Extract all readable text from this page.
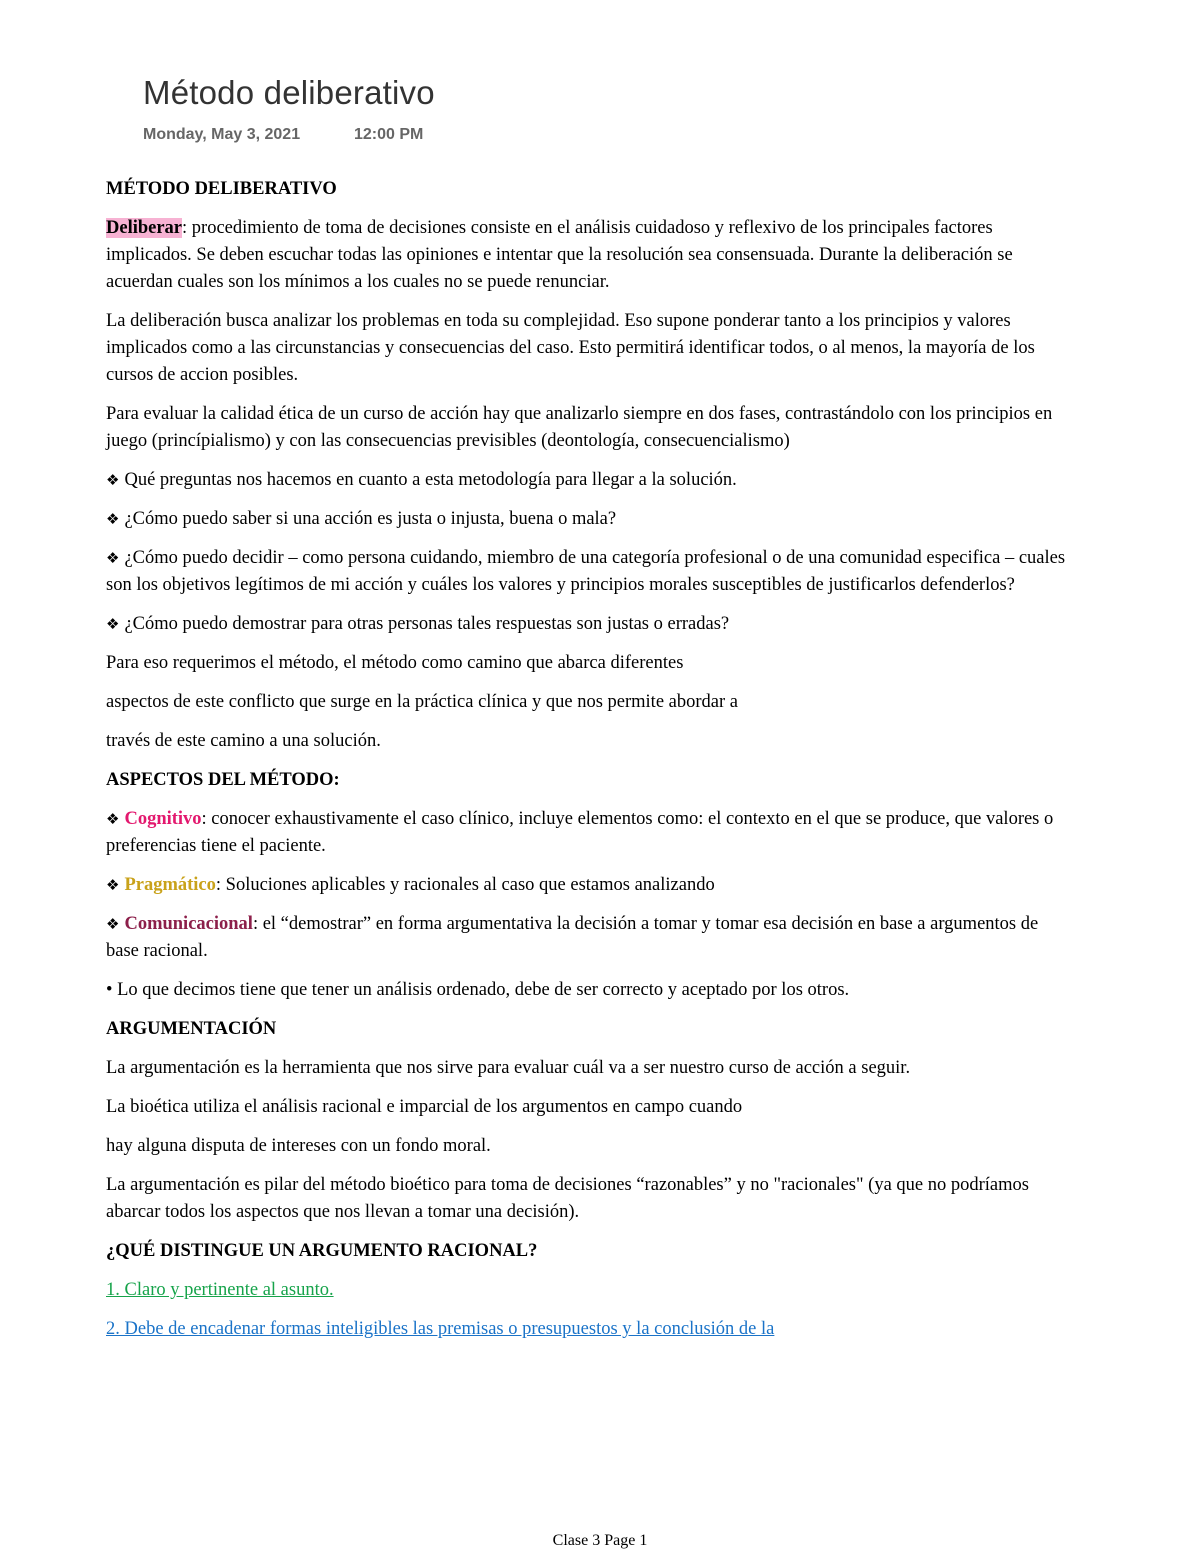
Método deliberativo
Monday, May 3, 2021	12:00 PM
MÉTODO DELIBERATIVO

Deliberar: procedimiento de toma de decisiones consiste en el análisis cuidadoso y reflexivo de los principales factores implicados. Se deben escuchar todas las opiniones e intentar que la resolución sea consensuada. Durante la deliberación se acuerdan cuales son los mínimos a los cuales no se puede renunciar.

La deliberación busca analizar los problemas en toda su complejidad. Eso supone ponderar tanto a los principios y valores implicados como a las circunstancias y consecuencias del caso. Esto permitirá identificar todos, o al menos, la mayoría de los cursos de accion posibles.

Para evaluar la calidad ética de un curso de acción hay que analizarlo siempre en dos fases, contrastándolo con los principios en juego (princípialismo) y con las consecuencias previsibles (deontología, consecuencialismo)

❖ Qué preguntas nos hacemos en cuanto a esta metodología para llegar a la solución.

❖ ¿Cómo puedo saber si una acción es justa o injusta, buena o mala?

❖ ¿Cómo puedo decidir – como persona cuidando, miembro de una categoría profesional o de una comunidad especifica – cuales son los objetivos legítimos de mi acción y cuáles los valores y principios morales susceptibles de justificarlos defenderlos?

❖ ¿Cómo puedo demostrar para otras personas tales respuestas son justas o erradas?

Para eso requerimos el método, el método como camino que abarca diferentes

aspectos de este conflicto que surge en la práctica clínica y que nos permite abordar a

través de este camino a una solución.

ASPECTOS DEL MÉTODO:

❖ Cognitivo: conocer exhaustivamente el caso clínico, incluye elementos como: el contexto en el que se produce, que valores o preferencias tiene el paciente.

❖ Pragmático: Soluciones aplicables y racionales al caso que estamos analizando

❖ Comunicacional: el “demostrar” en forma argumentativa la decisión a tomar y tomar esa decisión en base a argumentos de base racional.

• Lo que decimos tiene que tener un análisis ordenado, debe de ser correcto y aceptado por los otros.

ARGUMENTACIÓN

La argumentación es la herramienta que nos sirve para evaluar cuál va a ser nuestro curso de acción a seguir.

La bioética utiliza el análisis racional e imparcial de los argumentos en campo cuando

hay alguna disputa de intereses con un fondo moral.

La argumentación es pilar del método bioético para toma de decisiones “razonables” y no "racionales" (ya que no podríamos abarcar todos los aspectos que nos llevan a tomar una decisión).

¿QUÉ DISTINGUE UN ARGUMENTO RACIONAL?

1. Claro y pertinente al asunto.

2. Debe de encadenar formas inteligibles las premisas o presupuestos y la conclusión de la

Clase 3 Page 1
